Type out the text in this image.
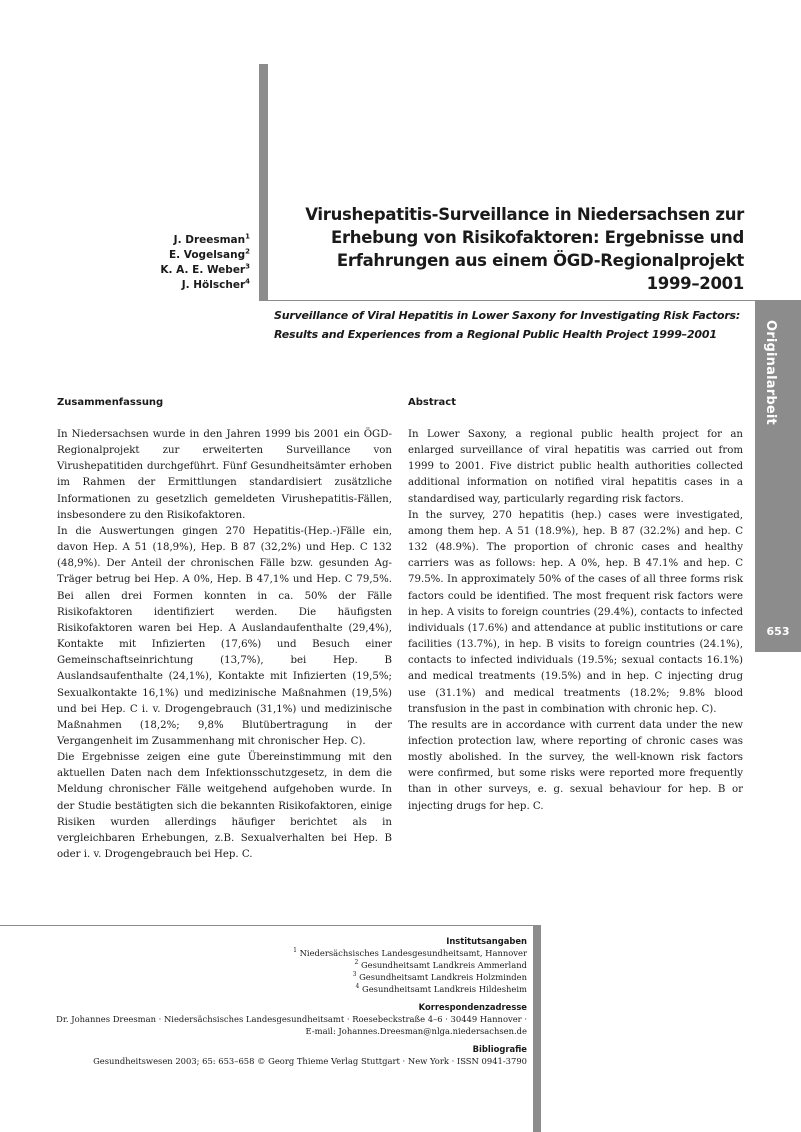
Originalarbeit
653
J. Dreesman$^1$
E. Vogelsang$^2$
K. A. E. Weber$^3$
J. Hölscher$^4$
Virushepatitis-Surveillance in Niedersachsen zur
Erhebung von Risikofaktoren: Ergebnisse und
Erfahrungen aus einem ÖGD-Regionalprojekt
1999–2001
Surveillance of Viral Hepatitis in Lower Saxony for Investigating Risk Factors:
Results and Experiences from a Regional Public Health Project 1999–2001
Zusammenfassung

In Niedersachsen wurde in den Jahren 1999 bis 2001 ein ÖGD-Regionalprojekt zur erweiterten Surveillance von Virushepatitiden durchgeführt. Fünf Gesundheitsämter erhoben im Rahmen der Ermittlungen standardisiert zusätzliche Informationen zu gesetzlich gemeldeten Virushepatitis-Fällen, insbesondere zu den Risikofaktoren.

In die Auswertungen gingen 270 Hepatitis-(Hep.-)Fälle ein, davon Hep. A 51 (18,9%), Hep. B 87 (32,2%) und Hep. C 132 (48,9%). Der Anteil der chronischen Fälle bzw. gesunden Ag-Träger betrug bei Hep. A 0%, Hep. B 47,1% und Hep. C 79,5%. Bei allen drei Formen konnten in ca. 50% der Fälle Risikofaktoren identifiziert werden. Die häufigsten Risikofaktoren waren bei Hep. A Auslandaufenthalte (29,4%), Kontakte mit Infizierten (17,6%) und Besuch einer Gemeinschaftseinrichtung (13,7%), bei Hep. B Auslandsaufenthalte (24,1%), Kontakte mit Infizierten (19,5%; Sexualkontakte 16,1%) und medizinische Maßnahmen (19,5%) und bei Hep. C i. v. Drogengebrauch (31,1%) und medizinische Maßnahmen (18,2%; 9,8% Blutübertragung in der Vergangenheit im Zusammenhang mit chronischer Hep. C).

Die Ergebnisse zeigen eine gute Übereinstimmung mit den aktuellen Daten nach dem Infektionsschutzgesetz, in dem die Meldung chronischer Fälle weitgehend aufgehoben wurde. In der Studie bestätigten sich die bekannten Risikofaktoren, einige Risiken wurden allerdings häufiger berichtet als in vergleichbaren Erhebungen, z.B. Sexualverhalten bei Hep. B oder i. v. Drogengebrauch bei Hep. C.

Abstract

In Lower Saxony, a regional public health project for an enlarged surveillance of viral hepatitis was carried out from 1999 to 2001. Five district public health authorities collected additional information on notified viral hepatitis cases in a standardised way, particularly regarding risk factors.

In the survey, 270 hepatitis (hep.) cases were investigated, among them hep. A 51 (18.9%), hep. B 87 (32.2%) and hep. C 132 (48.9%). The proportion of chronic cases and healthy carriers was as follows: hep. A 0%, hep. B 47.1% and hep. C 79.5%. In approximately 50% of the cases of all three forms risk factors could be identified. The most frequent risk factors were in hep. A visits to foreign countries (29.4%), contacts to infected individuals (17.6%) and attendance at public institutions or care facilities (13.7%), in hep. B visits to foreign countries (24.1%), contacts to infected individuals (19.5%; sexual contacts 16.1%) and medical treatments (19.5%) and in hep. C injecting drug use (31.1%) and medical treatments (18.2%; 9.8% blood transfusion in the past in combination with chronic hep. C).

The results are in accordance with current data under the new infection protection law, where reporting of chronic cases was mostly abolished. In the survey, the well-known risk factors were confirmed, but some risks were reported more frequently than in other surveys, e. g. sexual behaviour for hep. B or injecting drugs for hep. C.

Institutsangaben
$^1$ Niedersächsisches Landesgesundheitsamt, Hannover
$^2$ Gesundheitsamt Landkreis Ammerland
$^3$ Gesundheitsamt Landkreis Holzminden
$^4$ Gesundheitsamt Landkreis Hildesheim
Korrespondenzadresse
Dr. Johannes Dreesman · Niedersächsisches Landesgesundheitsamt · Roesebeckstraße 4–6 · 30449 Hannover ·
E-mail: Johannes.Dreesman@nlga.niedersachsen.de
Bibliografie
Gesundheitswesen 2003; 65: 653–658 © Georg Thieme Verlag Stuttgart · New York · ISSN 0941-3790
